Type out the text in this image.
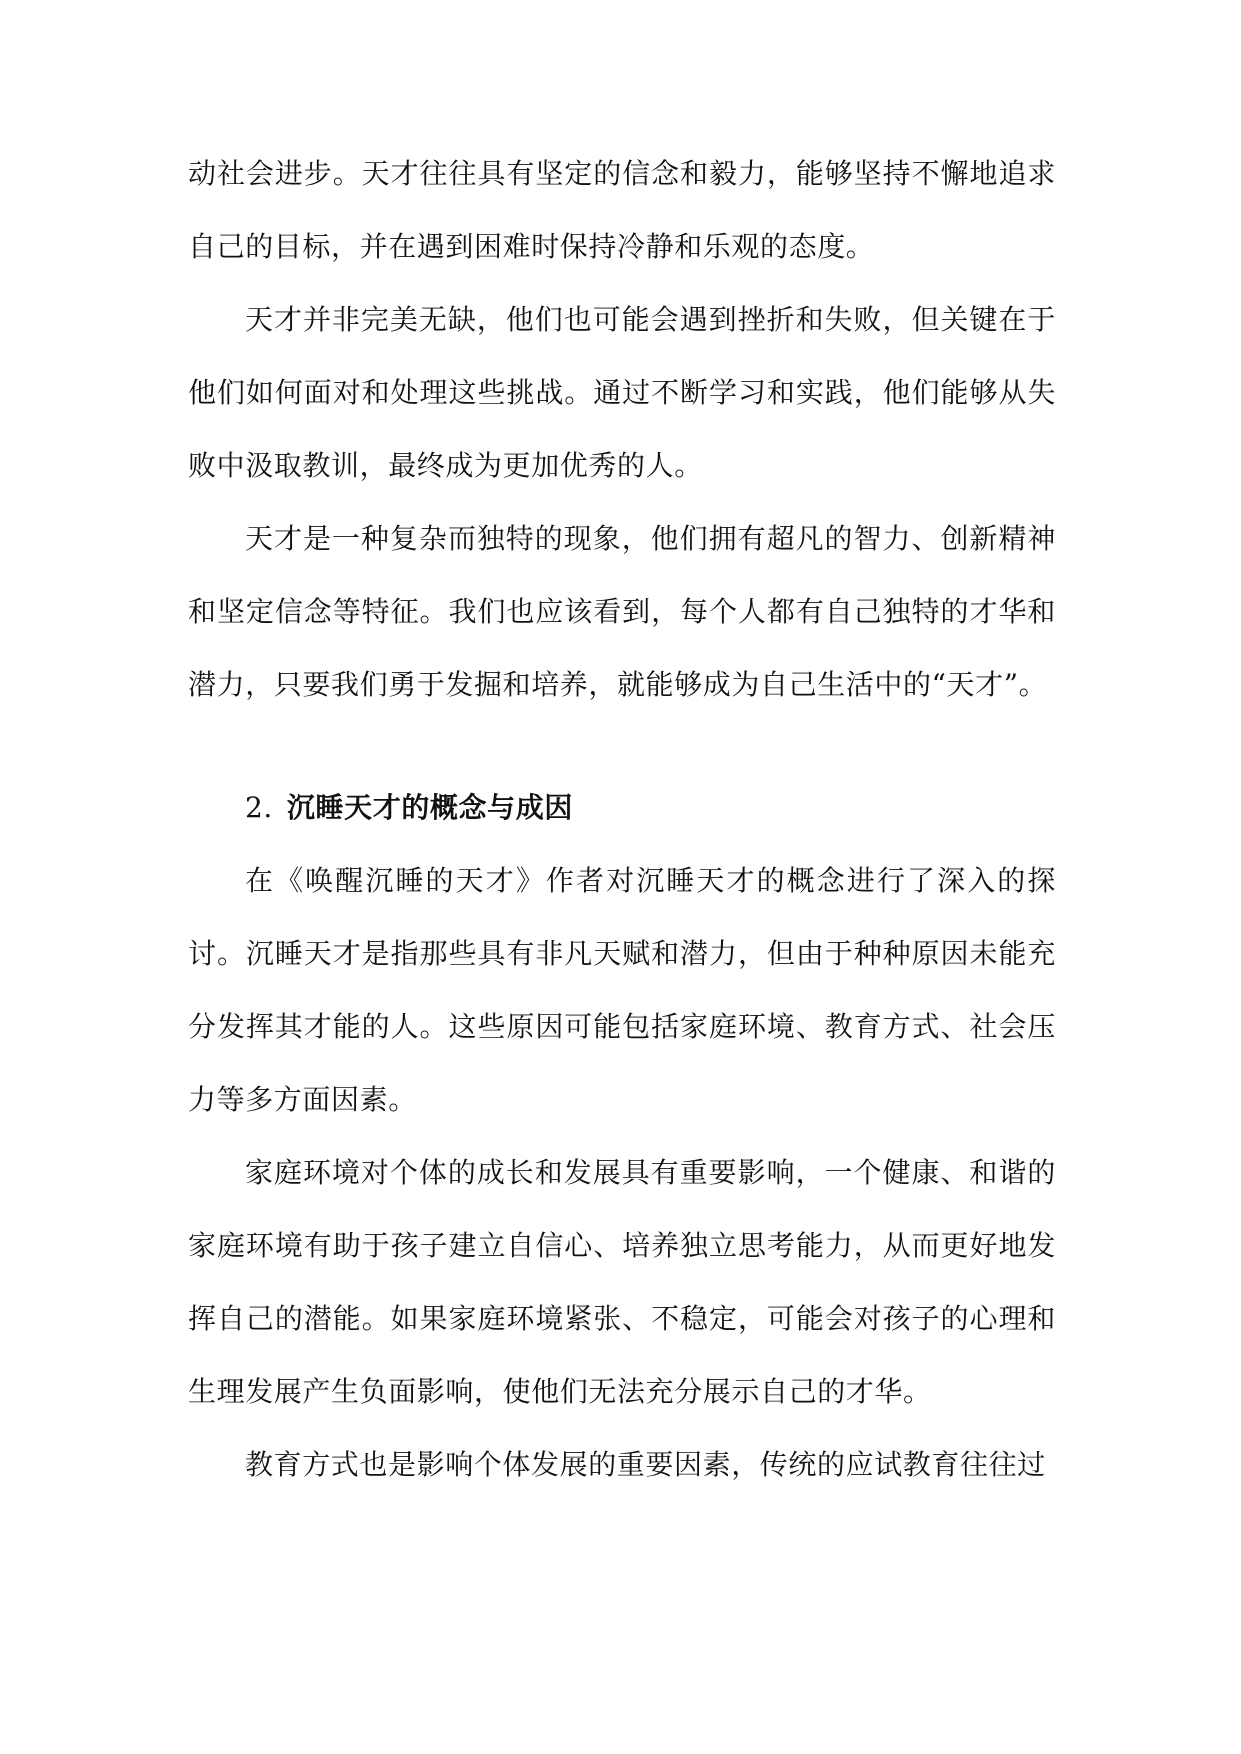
动社会进步。天才往往具有坚定的信念和毅力，能够坚持不懈地追求自己的目标，并在遇到困难时保持冷静和乐观的态度。

天才并非完美无缺，他们也可能会遇到挫折和失败，但关键在于他们如何面对和处理这些挑战。通过不断学习和实践，他们能够从失败中汲取教训，最终成为更加优秀的人。

天才是一种复杂而独特的现象，他们拥有超凡的智力、创新精神和坚定信念等特征。我们也应该看到，每个人都有自己独特的才华和潜力，只要我们勇于发掘和培养，就能够成为自己生活中的“天才”。

2. 沉睡天才的概念与成因

在《唤醒沉睡的天才》作者对沉睡天才的概念进行了深入的探讨。沉睡天才是指那些具有非凡天赋和潜力，但由于种种原因未能充分发挥其才能的人。这些原因可能包括家庭环境、教育方式、社会压力等多方面因素。

家庭环境对个体的成长和发展具有重要影响，一个健康、和谐的家庭环境有助于孩子建立自信心、培养独立思考能力，从而更好地发挥自己的潜能。如果家庭环境紧张、不稳定，可能会对孩子的心理和生理发展产生负面影响，使他们无法充分展示自己的才华。

教育方式也是影响个体发展的重要因素，传统的应试教育往往过
